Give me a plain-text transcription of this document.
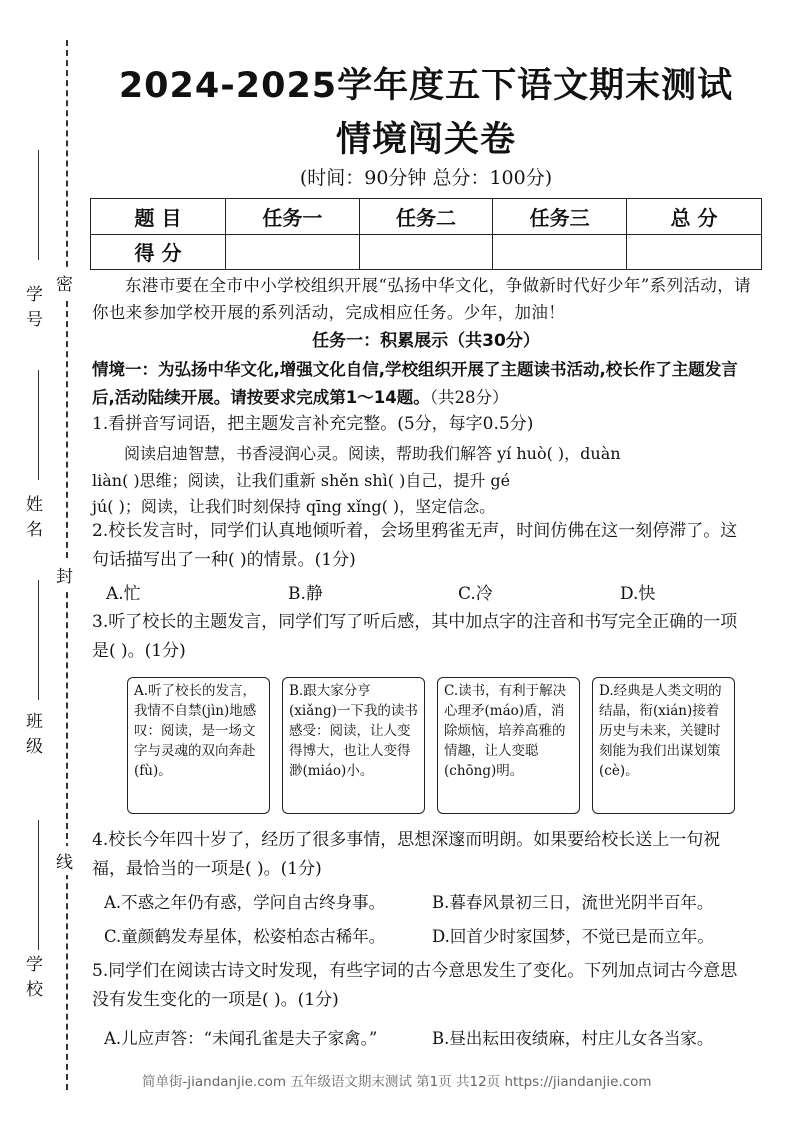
密
封
线
学号
姓名
班级
学校
2024-2025学年度五下语文期末测试
情境闯关卷
(时间：90分钟 总分：100分)
题 目	任务一	任务二	任务三	总 分
得 分				
东港市要在全市中小学校组织开展“弘扬中华文化，争做新时代好少年”系列活动，请你也来参加学校开展的系列活动，完成相应任务。少年，加油！
任务一：积累展示（共30分）
情境一：为弘扬中华文化,增强文化自信,学校组织开展了主题读书活动,校长作了主题发言后,活动陆续开展。请按要求完成第1～14题。（共28分）
1.看拼音写词语，把主题发言补充完整。(5分，每字0.5分)
阅读启迪智慧，书香浸润心灵。阅读，帮助我们解答 yí huò( )，duàn
liàn( )思维；阅读，让我们重新 shěn shì( )自己，提升 gé
jú( )；阅读，让我们时刻保持 qīng xǐng( )，坚定信念。
2.校长发言时，同学们认真地倾听着，会场里鸦雀无声，时间仿佛在这一刻停滞了。这句话描写出了一种( )的情景。(1分)
A.忙	B.静	C.冷	D.快
3.听了校长的主题发言，同学们写了听后感，其中加点字的注音和书写完全正确的一项是( )。(1分)
A.听了校长的发言，我情不自禁(jìn)地感叹：阅读，是一场文字与灵魂的双向奔赴(fù)。
B.跟大家分亨(xiǎng)一下我的读书感受：阅读，让人变得博大，也让人变得渺(miáo)小。
C.读书，有利于解决心理矛(máo)盾，消除烦恼，培养高雅的情趣，让人变聪(chōng)明。
D.经典是人类文明的结晶，衔(xián)接着历史与未来，关键时刻能为我们出谋划策(cè)。
4.校长今年四十岁了，经历了很多事情，思想深邃而明朗。如果要给校长送上一句祝福，最恰当的一项是( )。(1分)
A.不惑之年仍有惑，学问自古终身事。	B.暮春风景初三日，流世光阴半百年。
C.童颜鹤发寿星体，松姿柏态古稀年。	D.回首少时家国梦，不觉已是而立年。
5.同学们在阅读古诗文时发现，有些字词的古今意思发生了变化。下列加点词古今意思没有发生变化的一项是( )。(1分)
A.儿应声答：“未闻孔雀是夫子家禽。”	B.昼出耘田夜绩麻，村庄儿女各当家。
简单街-jiandanjie.com 五年级语文期末测试 第1页 共12页 https://jiandanjie.com
